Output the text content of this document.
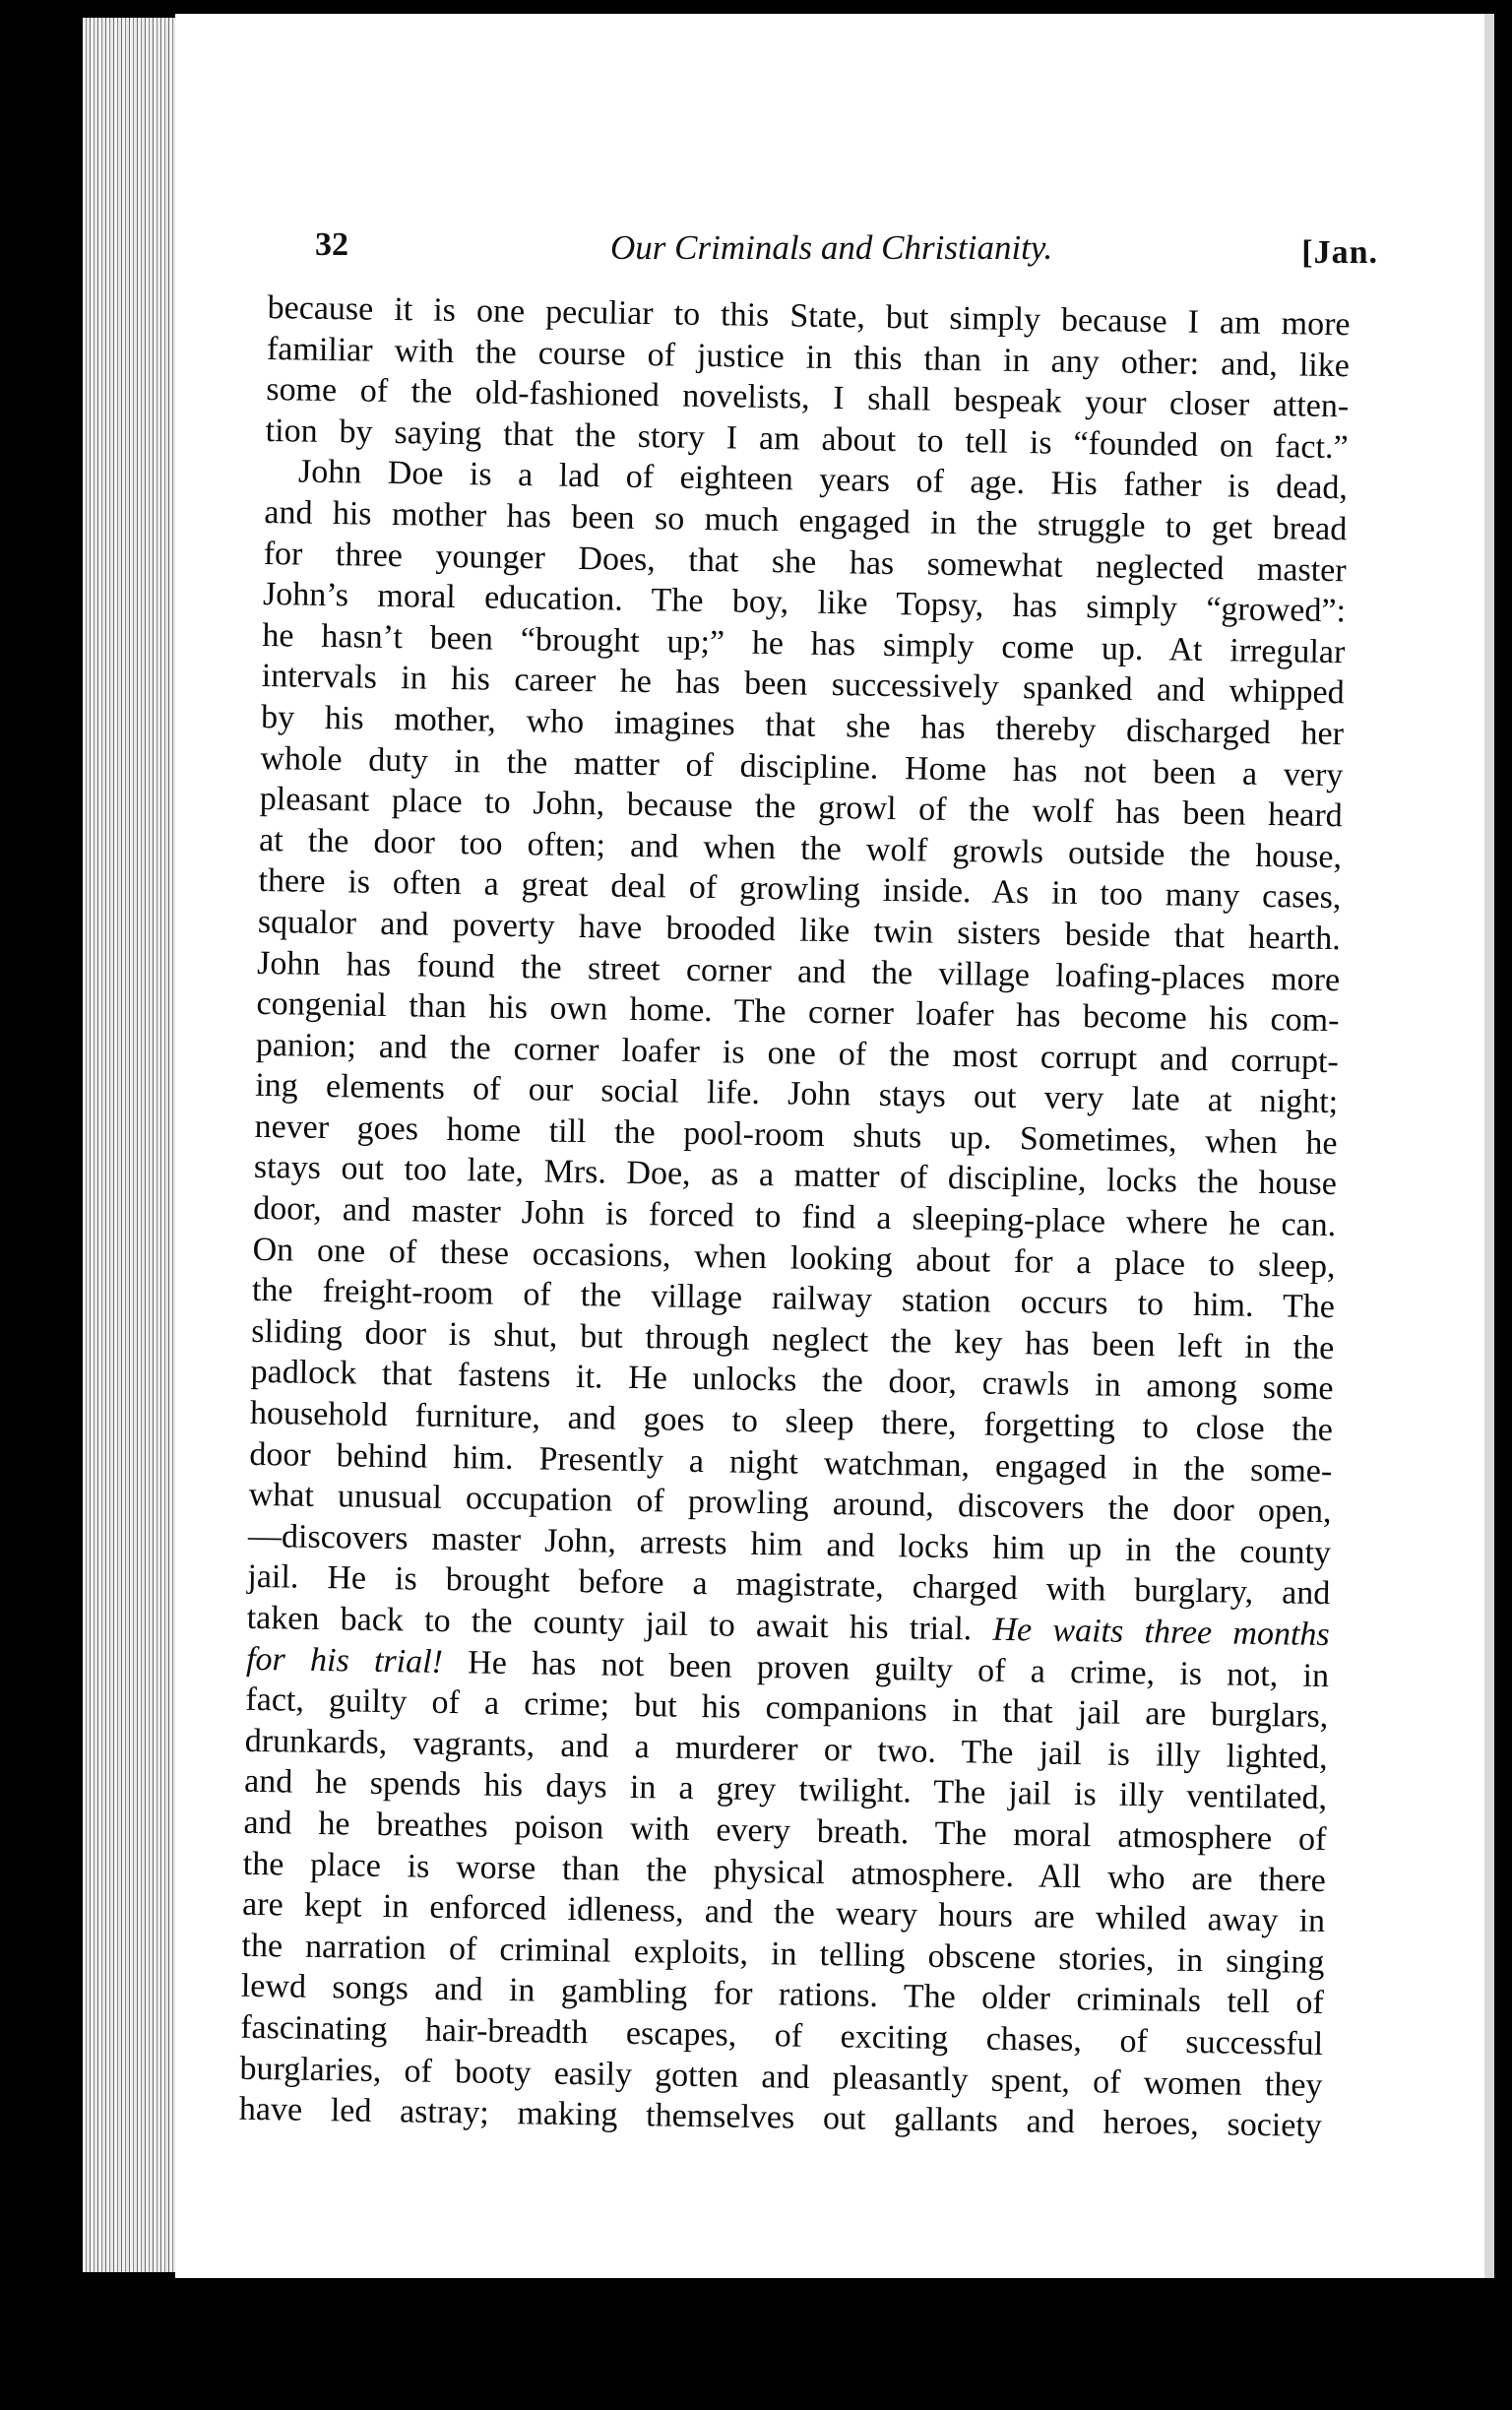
32	Our Criminals and Christianity.	[Jan.
because it is one peculiar to this State, but simply because I am more
familiar with the course of justice in this than in any other: and, like
some of the old-fashioned novelists, I shall bespeak your closer atten-
tion by saying that the story I am about to tell is “founded on fact.”
 John Doe is a lad of eighteen years of age. His father is dead,
and his mother has been so much engaged in the struggle to get bread
for three younger Does, that she has somewhat neglected master
John’s moral education. The boy, like Topsy, has simply “growed”:
he hasn’t been “brought up;” he has simply come up. At irregular
intervals in his career he has been successively spanked and whipped
by his mother, who imagines that she has thereby discharged her
whole duty in the matter of discipline. Home has not been a very
pleasant place to John, because the growl of the wolf has been heard
at the door too often; and when the wolf growls outside the house,
there is often a great deal of growling inside. As in too many cases,
squalor and poverty have brooded like twin sisters beside that hearth.
John has found the street corner and the village loafing-places more
congenial than his own home. The corner loafer has become his com-
panion; and the corner loafer is one of the most corrupt and corrupt-
ing elements of our social life. John stays out very late at night;
never goes home till the pool-room shuts up. Sometimes, when he
stays out too late, Mrs. Doe, as a matter of discipline, locks the house
door, and master John is forced to find a sleeping-place where he can.
On one of these occasions, when looking about for a place to sleep,
the freight-room of the village railway station occurs to him. The
sliding door is shut, but through neglect the key has been left in the
padlock that fastens it. He unlocks the door, crawls in among some
household furniture, and goes to sleep there, forgetting to close the
door behind him. Presently a night watchman, engaged in the some-
what unusual occupation of prowling around, discovers the door open,
—discovers master John, arrests him and locks him up in the county
jail. He is brought before a magistrate, charged with burglary, and
taken back to the county jail to await his trial. He waits three months
for his trial! He has not been proven guilty of a crime, is not, in
fact, guilty of a crime; but his companions in that jail are burglars,
drunkards, vagrants, and a murderer or two. The jail is illy lighted,
and he spends his days in a grey twilight. The jail is illy ventilated,
and he breathes poison with every breath. The moral atmosphere of
the place is worse than the physical atmosphere. All who are there
are kept in enforced idleness, and the weary hours are whiled away in
the narration of criminal exploits, in telling obscene stories, in singing
lewd songs and in gambling for rations. The older criminals tell of
fascinating hair-breadth escapes, of exciting chases, of successful
burglaries, of booty easily gotten and pleasantly spent, of women they
have led astray; making themselves out gallants and heroes, society
